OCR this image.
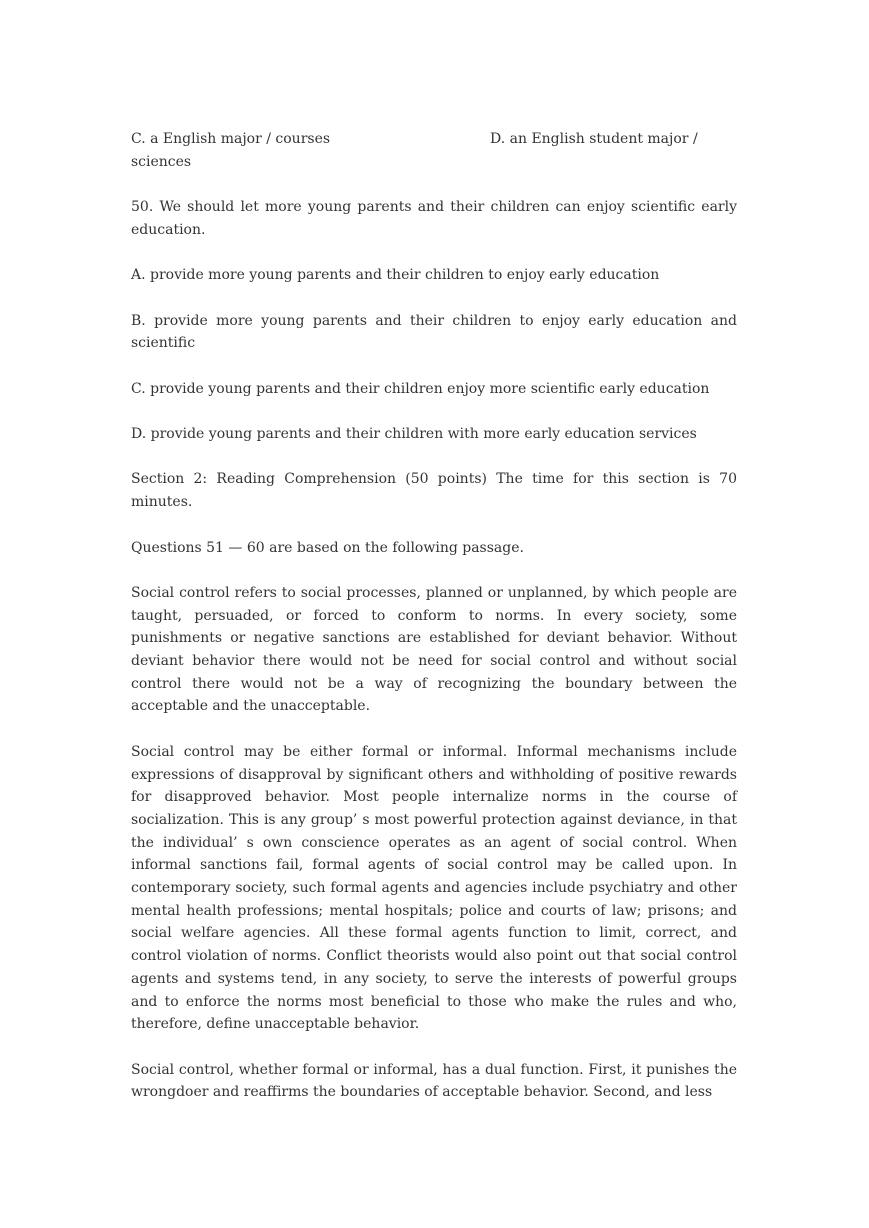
C. a English major / courses	D. an English student major /

sciences

50. We should let more young parents and their children can enjoy scientific early education.

A. provide more young parents and their children to enjoy early education

B. provide more young parents and their children to enjoy early education and scientific

C. provide young parents and their children enjoy more scientific early education

D. provide young parents and their children with more early education services

Section 2: Reading Comprehension (50 points) The time for this section is 70 minutes.

Questions 51 — 60 are based on the following passage.

Social control refers to social processes, planned or unplanned, by which people are taught, persuaded, or forced to conform to norms. In every society, some punishments or negative sanctions are established for deviant behavior. Without deviant behavior there would not be need for social control and without social control there would not be a way of recognizing the boundary between the acceptable and the unacceptable.

Social control may be either formal or informal. Informal mechanisms include expressions of disapproval by significant others and withholding of positive rewards for disapproved behavior. Most people internalize norms in the course of socialization. This is any group’ s most powerful protection against deviance, in that the individual’ s own conscience operates as an agent of social control. When informal sanctions fail, formal agents of social control may be called upon. In contemporary society, such formal agents and agencies include psychiatry and other mental health professions; mental hospitals; police and courts of law; prisons; and social welfare agencies. All these formal agents function to limit, correct, and control violation of norms. Conflict theorists would also point out that social control agents and systems tend, in any society, to serve the interests of powerful groups and to enforce the norms most beneficial to those who make the rules and who, therefore, define unacceptable behavior.

Social control, whether formal or informal, has a dual function. First, it punishes the wrongdoer and reaffirms the boundaries of acceptable behavior. Second, and less
